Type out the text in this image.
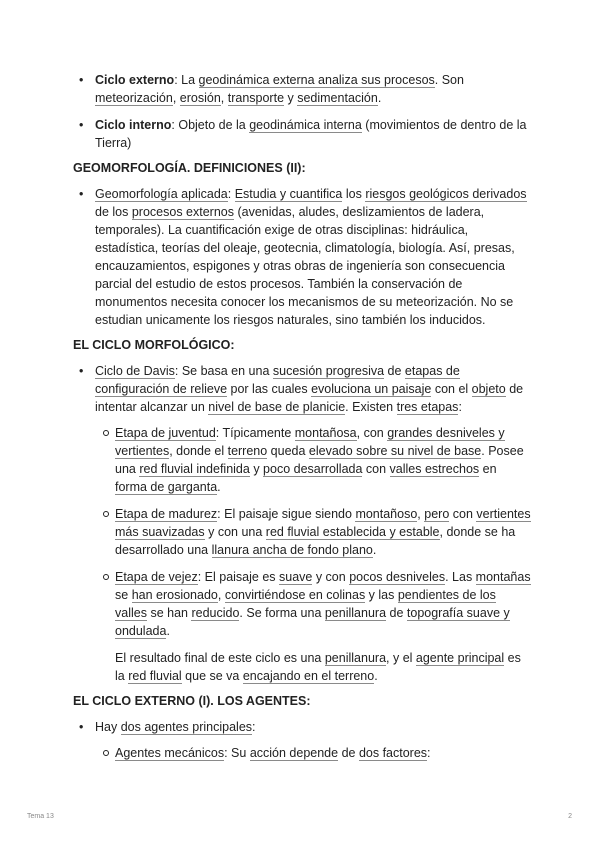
• Ciclo externo: La geodinámica externa analiza sus procesos. Son meteorización, erosión, transporte y sedimentación.
• Ciclo interno: Objeto de la geodinámica interna (movimientos de dentro de la Tierra)

GEOMORFOLOGÍA. DEFINICIONES (II):

• Geomorfología aplicada: Estudia y cuantifica los riesgos geológicos derivados de los procesos externos (avenidas, aludes, deslizamientos de ladera, temporales). La cuantificación exige de otras disciplinas: hidráulica, estadística, teorías del oleaje, geotecnia, climatología, biología. Así, presas, encauzamientos, espigones y otras obras de ingeniería son consecuencia parcial del estudio de estos procesos. También la conservación de monumentos necesita conocer los mecanismos de su meteorización. No se estudian unicamente los riesgos naturales, sino también los inducidos.

EL CICLO MORFOLÓGICO:

• Ciclo de Davis: Se basa en una sucesión progresiva de etapas de configuración de relieve por las cuales evoluciona un paisaje con el objeto de intentar alcanzar un nivel de base de planicie. Existen tres etapas:
Etapa de juventud: Típicamente montañosa, con grandes desniveles y vertientes, donde el terreno queda elevado sobre su nivel de base. Posee una red fluvial indefinida y poco desarrollada con valles estrechos en forma de garganta.
Etapa de madurez: El paisaje sigue siendo montañoso, pero con vertientes más suavizadas y con una red fluvial establecida y estable, donde se ha desarrollado una llanura ancha de fondo plano.
Etapa de vejez: El paisaje es suave y con pocos desniveles. Las montañas se han erosionado, convirtiéndose en colinas y las pendientes de los valles se han reducido. Se forma una penillanura de topografía suave y ondulada.

El resultado final de este ciclo es una penillanura, y el agente principal es la red fluvial que se va encajando en el terreno.

EL CICLO EXTERNO (I). LOS AGENTES:

• Hay dos agentes principales:
Agentes mecánicos: Su acción depende de dos factores:
Tema 13	2
